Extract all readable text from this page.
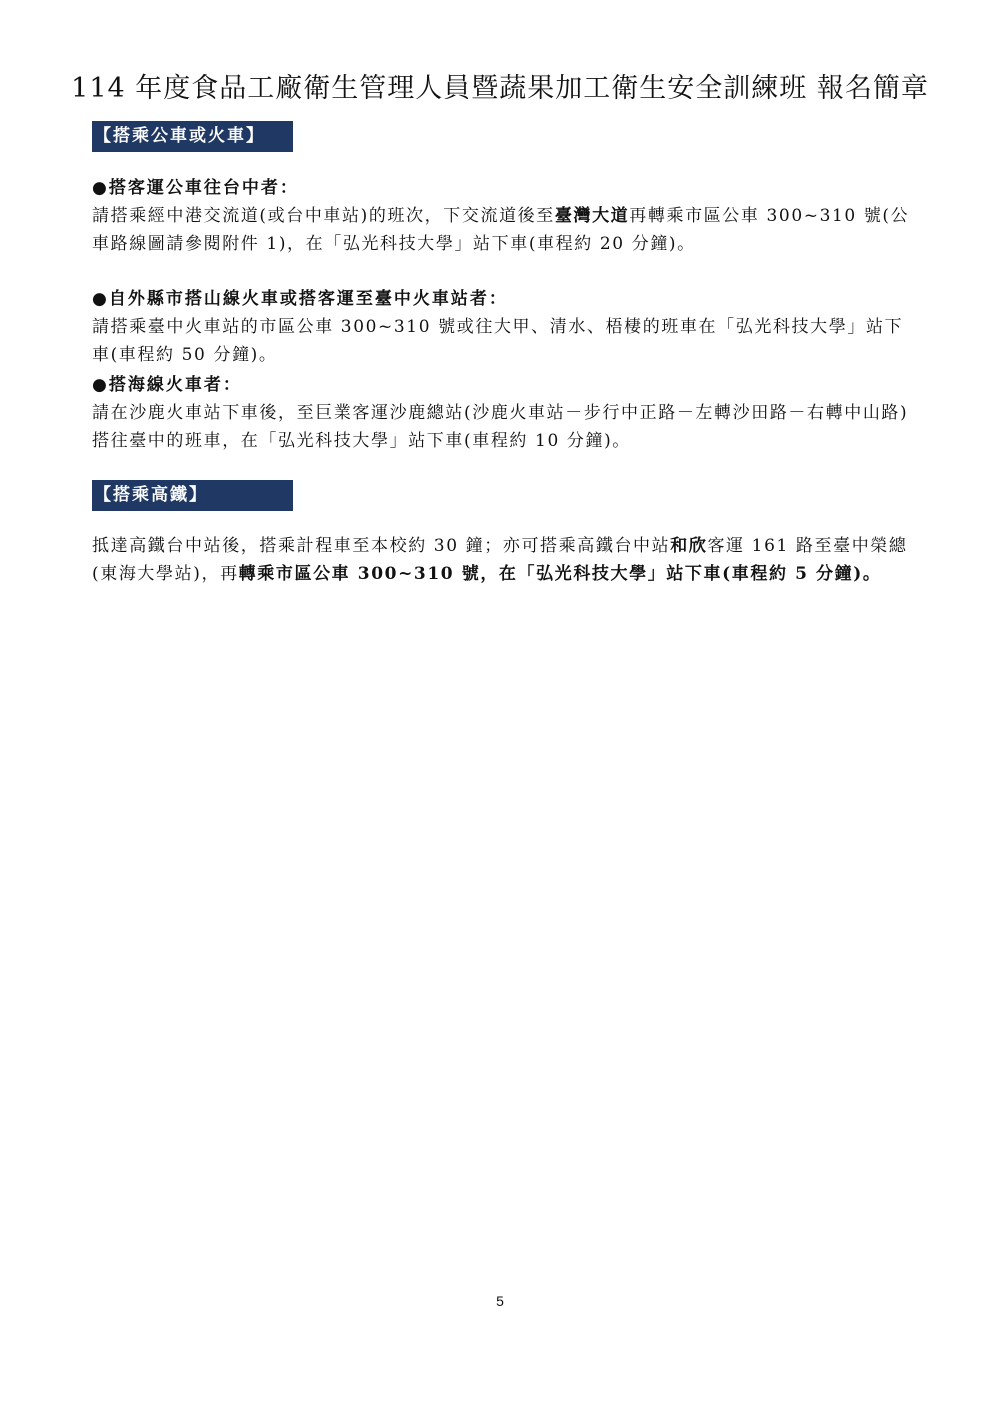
114 年度食品工廠衛生管理人員暨蔬果加工衛生安全訓練班 報名簡章
【搭乘公車或火車】
●搭客運公車往台中者：
請搭乘經中港交流道(或台中車站)的班次，下交流道後至臺灣大道再轉乘市區公車 300~310 號(公車路線圖請參閱附件 1)，在「弘光科技大學」站下車(車程約 20 分鐘)。
●自外縣市搭山線火車或搭客運至臺中火車站者：
請搭乘臺中火車站的市區公車 300~310 號或往大甲、清水、梧棲的班車在「弘光科技大學」站下車(車程約 50 分鐘)。
●搭海線火車者：
請在沙鹿火車站下車後，至巨業客運沙鹿總站(沙鹿火車站－步行中正路－左轉沙田路－右轉中山路)搭往臺中的班車，在「弘光科技大學」站下車(車程約 10 分鐘)。
【搭乘高鐵】
抵達高鐵台中站後，搭乘計程車至本校約 30 鐘；亦可搭乘高鐵台中站和欣客運 161 路至臺中榮總(東海大學站)，再轉乘市區公車 300~310 號，在「弘光科技大學」站下車(車程約 5 分鐘)。
5
